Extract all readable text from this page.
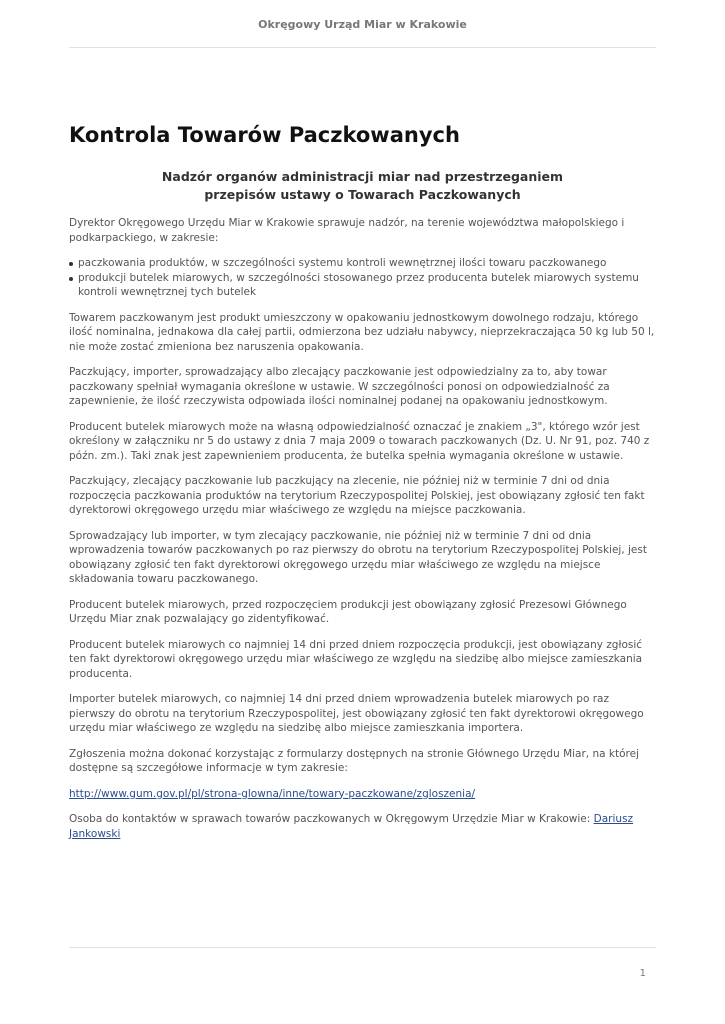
Okręgowy Urząd Miar w Krakowie
Kontrola Towarów Paczkowanych
Nadzór organów administracji miar nad przestrzeganiem
przepisów ustawy o Towarach Paczkowanych

Dyrektor Okręgowego Urzędu Miar w Krakowie sprawuje nadzór, na terenie województwa małopolskiego i podkarpackiego, w zakresie:

paczkowania produktów, w szczególności systemu kontroli wewnętrznej ilości towaru paczkowanego
produkcji butelek miarowych, w szczególności stosowanego przez producenta butelek miarowych systemu kontroli wewnętrznej tych butelek

Towarem paczkowanym jest produkt umieszczony w opakowaniu jednostkowym dowolnego rodzaju, którego ilość nominalna, jednakowa dla całej partii, odmierzona bez udziału nabywcy, nieprzekraczająca 50 kg lub 50 l, nie może zostać zmieniona bez naruszenia opakowania.

Paczkujący, importer, sprowadzający albo zlecający paczkowanie jest odpowiedzialny za to, aby towar paczkowany spełniał wymagania określone w ustawie. W szczególności ponosi on odpowiedzialność za zapewnienie, że ilość rzeczywista odpowiada ilości nominalnej podanej na opakowaniu jednostkowym.

Producent butelek miarowych może na własną odpowiedzialność oznaczać je znakiem „3", którego wzór jest określony w załączniku nr 5 do ustawy z dnia 7 maja 2009 o towarach paczkowanych (Dz. U. Nr 91, poz. 740 z późn. zm.). Taki znak jest zapewnieniem producenta, że butelka spełnia wymagania określone w ustawie.

Paczkujący, zlecający paczkowanie lub paczkujący na zlecenie, nie później niż w terminie 7 dni od dnia rozpoczęcia paczkowania produktów na terytorium Rzeczypospolitej Polskiej, jest obowiązany zgłosić ten fakt dyrektorowi okręgowego urzędu miar właściwego ze względu na miejsce paczkowania.

Sprowadzający lub importer, w tym zlecający paczkowanie, nie później niż w terminie 7 dni od dnia wprowadzenia towarów paczkowanych po raz pierwszy do obrotu na terytorium Rzeczypospolitej Polskiej, jest obowiązany zgłosić ten fakt dyrektorowi okręgowego urzędu miar właściwego ze względu na miejsce składowania towaru paczkowanego.

Producent butelek miarowych, przed rozpoczęciem produkcji jest obowiązany zgłosić Prezesowi Głównego Urzędu Miar znak pozwalający go zidentyfikować.

Producent butelek miarowych co najmniej 14 dni przed dniem rozpoczęcia produkcji, jest obowiązany zgłosić ten fakt dyrektorowi okręgowego urzędu miar właściwego ze względu na siedzibę albo miejsce zamieszkania producenta.

Importer butelek miarowych, co najmniej 14 dni przed dniem wprowadzenia butelek miarowych po raz pierwszy do obrotu na terytorium Rzeczypospolitej, jest obowiązany zgłosić ten fakt dyrektorowi okręgowego urzędu miar właściwego ze względu na siedzibę albo miejsce zamieszkania importera.

Zgłoszenia można dokonać korzystając z formularzy dostępnych na stronie Głównego Urzędu Miar, na której dostępne są szczegółowe informacje w tym zakresie:

http://www.gum.gov.pl/pl/strona-glowna/inne/towary-paczkowane/zgloszenia/

Osoba do kontaktów w sprawach towarów paczkowanych w Okręgowym Urzędzie Miar w Krakowie: Dariusz Jankowski

1
